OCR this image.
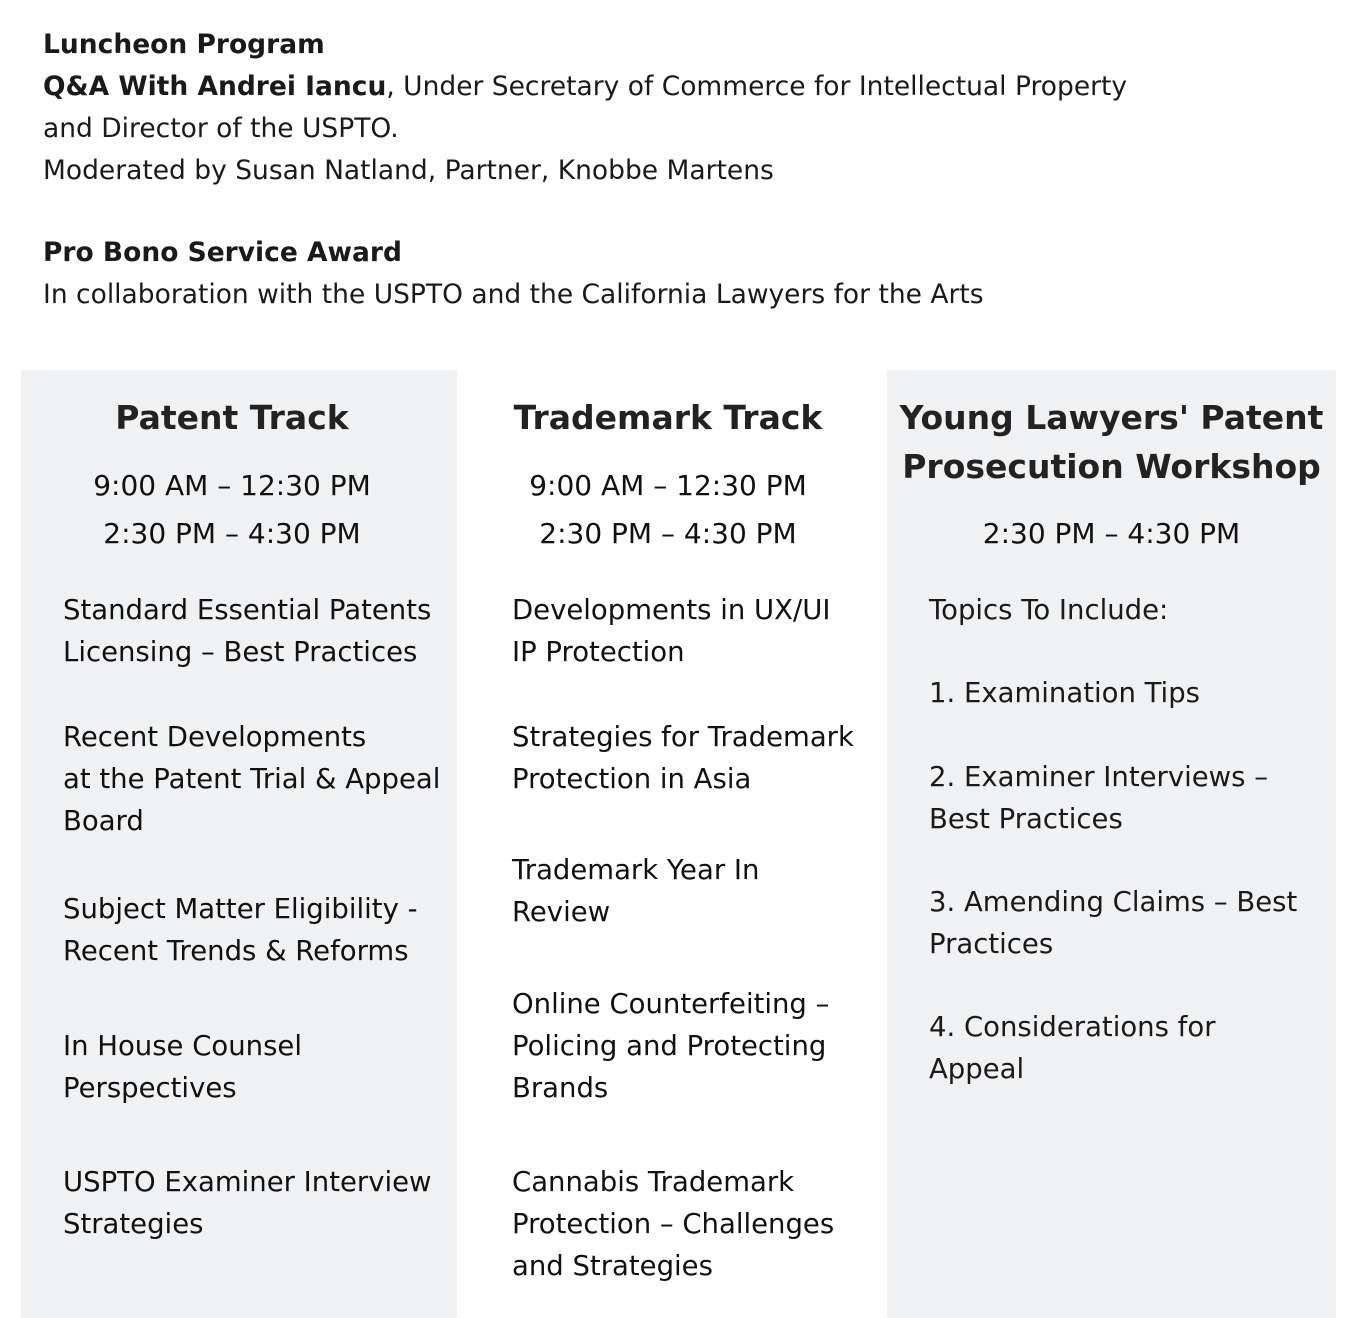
Luncheon Program
Q&A With Andrei Iancu, Under Secretary of Commerce for Intellectual Property
and Director of the USPTO.
Moderated by Susan Natland, Partner, Knobbe Martens
Pro Bono Service Award
In collaboration with the USPTO and the California Lawyers for the Arts
Patent Track
9:00 AM – 12:30 PM
2:30 PM – 4:30 PM
Standard Essential Patents
Licensing – Best Practices
Recent Developments
at the Patent Trial & Appeal
Board
Subject Matter Eligibility -
Recent Trends & Reforms
In House Counsel
Perspectives
USPTO Examiner Interview
Strategies
Trademark Track
9:00 AM – 12:30 PM
2:30 PM – 4:30 PM
Developments in UX/UI
IP Protection
Strategies for Trademark
Protection in Asia
Trademark Year In
Review
Online Counterfeiting –
Policing and Protecting
Brands
Cannabis Trademark
Protection – Challenges
and Strategies
Young Lawyers' Patent
Prosecution Workshop
2:30 PM – 4:30 PM
Topics To Include:
1. Examination Tips
2. Examiner Interviews –
Best Practices
3. Amending Claims – Best
Practices
4. Considerations for
Appeal
